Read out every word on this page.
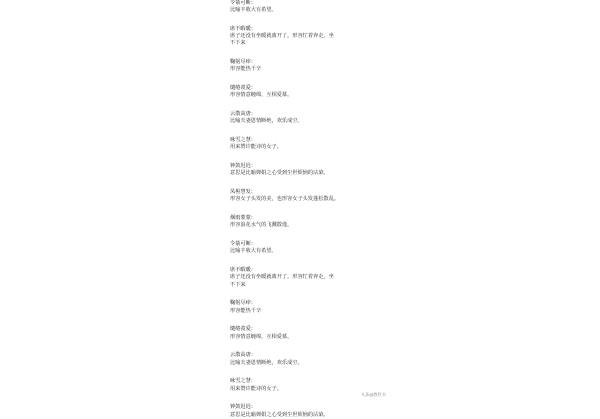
令箭可断：
比喻丰收大有希望。
席不暇暖：
席子还没有坐暖就离开了。形容忙着奔走，坐
不下来
鞠躬尽瘁：
形容能热千辛
缱绻羡爱：
形容情意缠绵，互相爱慕。
云散高唐：
比喻夫妻恩情断绝，欢乐成空。
咏雪之慧：
用来赞许能诗的女子。
钟鼓迟迟：
意思是比喻婵娟之心受到尘世烦恼的沾染。
凤髻慧发：
形容女子头发的美，也形容女子头发蓬松散乱。
烟雨蒙蒙：
形容浪花水气的飞溅散逸。
令箭可断：
比喻丰收大有希望。
席不暇暖：
席子还没有坐暖就离开了。形容忙着奔走，坐
不下来
鞠躬尽瘁：
形容能热千辛
缱绻羡爱：
形容情意缠绵，互相爱慕。
云散高唐：
比喻夫妻恩情断绝，欢乐成空。
咏雪之慧：
用来赞许能诗的女子。
钟鼓迟迟：
意思是比喻婵娟之心受到尘世烦恼的沾染。
头条@教科书
